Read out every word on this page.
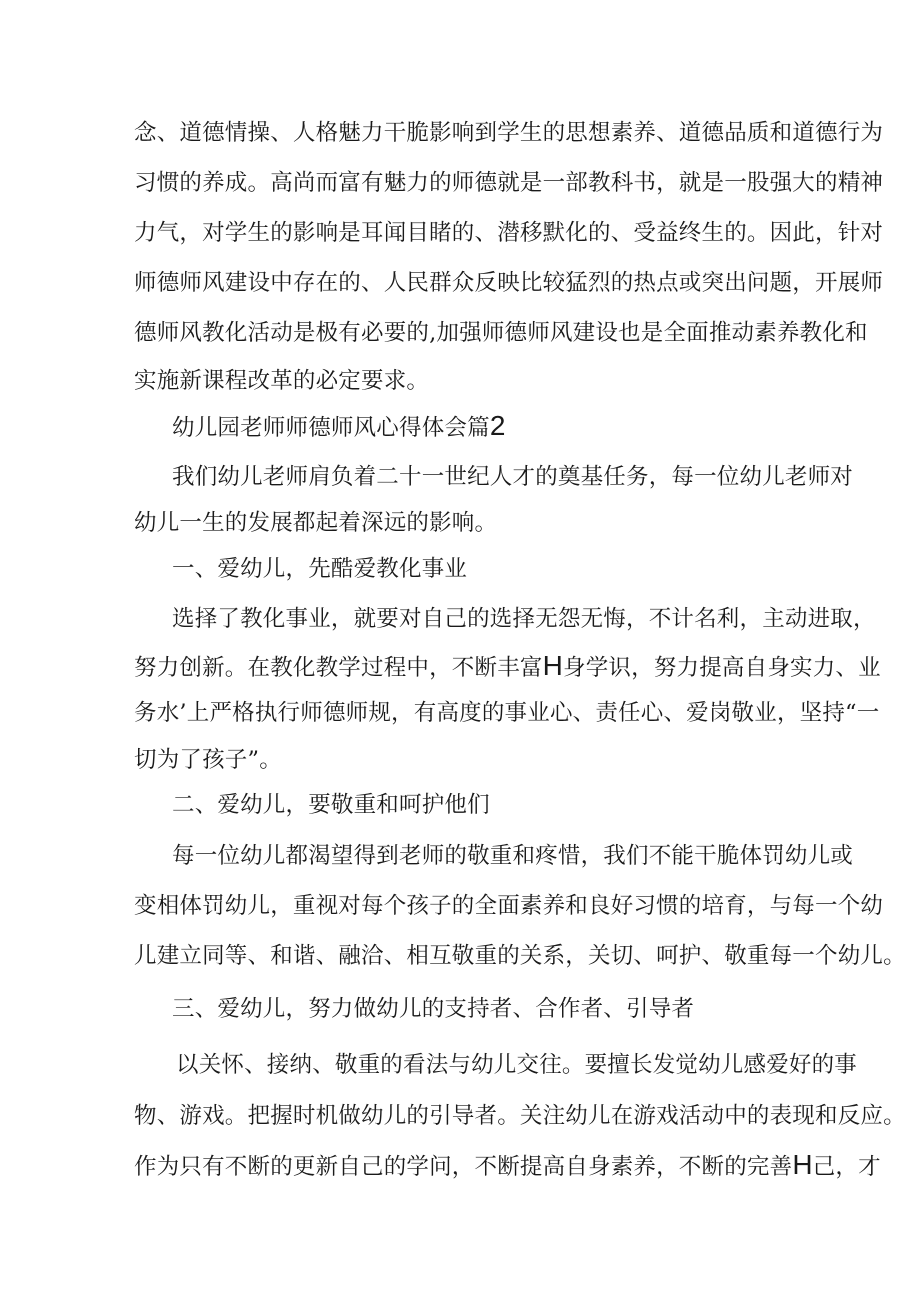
念、道德情操、人格魅力干脆影响到学生的思想素养、道德品质和道德行为
习惯的养成。高尚而富有魅力的师德就是一部教科书，就是一股强大的精神
力气，对学生的影响是耳闻目睹的、潜移默化的、受益终生的。因此，针对
师德师风建设中存在的、人民群众反映比较猛烈的热点或突出问题，开展师
德师风教化活动是极有必要的,加强师德师风建设也是全面推动素养教化和
实施新课程改革的必定要求。
幼儿园老师师德师风心得体会篇2
我们幼儿老师肩负着二十一世纪人才的奠基任务，每一位幼儿老师对
幼儿一生的发展都起着深远的影响。
一、爱幼儿，先酷爱教化事业
选择了教化事业，就要对自己的选择无怨无悔，不计名利，主动进取，
努力创新。在教化教学过程中，不断丰富H身学识，努力提高自身实力、业
务水’上严格执行师德师规，有高度的事业心、责任心、爱岗敬业，坚持“一
切为了孩子”。
二、爱幼儿，要敬重和呵护他们
每一位幼儿都渴望得到老师的敬重和疼惜，我们不能干脆体罚幼儿或
变相体罚幼儿，重视对每个孩子的全面素养和良好习惯的培育，与每一个幼
儿建立同等、和谐、融洽、相互敬重的关系，关切、呵护、敬重每一个幼儿。
三、爱幼儿，努力做幼儿的支持者、合作者、引导者
以关怀、接纳、敬重的看法与幼儿交往。要擅长发觉幼儿感爱好的事
物、游戏。把握时机做幼儿的引导者。关注幼儿在游戏活动中的表现和反应。
作为只有不断的更新自己的学问，不断提高自身素养，不断的完善H己，才
